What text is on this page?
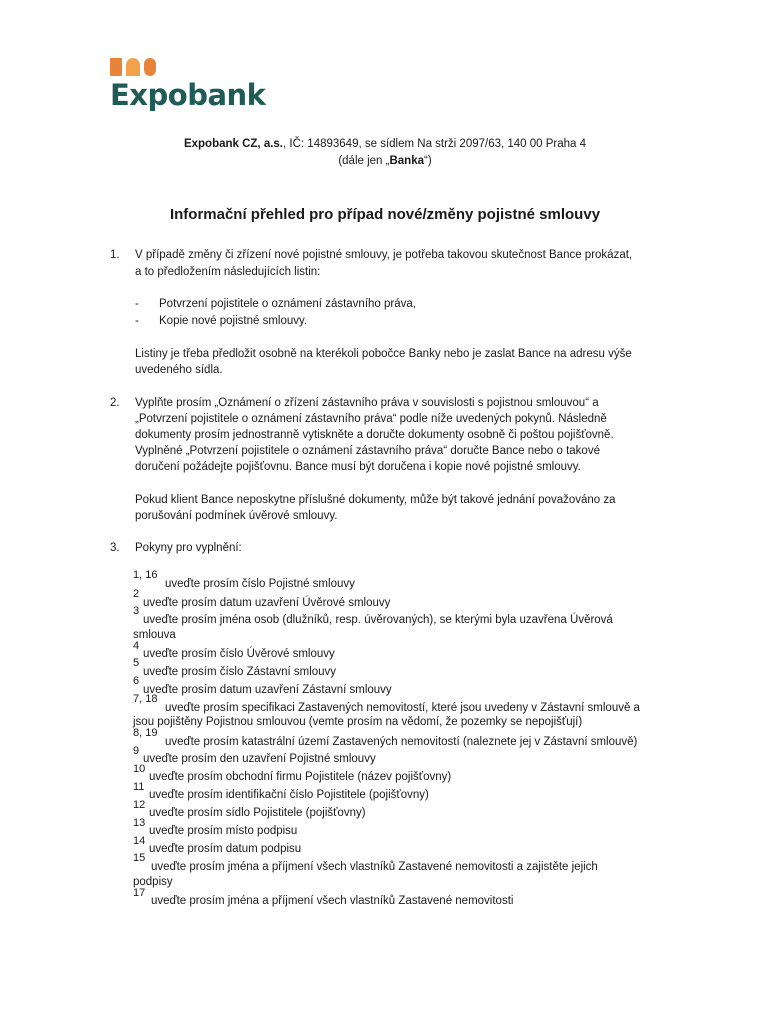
Expobank
Expobank CZ, a.s., IČ: 14893649, se sídlem Na strži 2097/63, 140 00 Praha 4
(dále jen „Banka“)
Informační přehled pro případ nové/změny pojistné smlouvy
1. V případě změny či zřízení nové pojistné smlouvy, je potřeba takovou skutečnost Bance prokázat,
a to předložením následujících listin:
- Potvrzení pojistitele o oznámení zástavního práva,
- Kopie nové pojistné smlouvy.
Listiny je třeba předložit osobně na kterékoli pobočce Banky nebo je zaslat Bance na adresu výše
uvedeného sídla.
2. Vyplňte prosím „Oznámení o zřízení zástavního práva v souvislosti s pojistnou smlouvou“ a
„Potvrzení pojistitele o oznámení zástavního práva“ podle níže uvedených pokynů. Následně
dokumenty prosím jednostranně vytiskněte a doručte dokumenty osobně či poštou pojišťovně.
Vyplněné „Potvrzení pojistitele o oznámení zástavního práva“ doručte Bance nebo o takové
doručení požádejte pojišťovnu. Bance musí být doručena i kopie nové pojistné smlouvy.
Pokud klient Bance neposkytne příslušné dokumenty, může být takové jednání považováno za
porušování podmínek úvěrové smlouvy.
3. Pokyny pro vyplnění:
1, 16
uveďte prosím číslo Pojistné smlouvy
2
uveďte prosím datum uzavření Úvěrové smlouvy
3
uveďte prosím jména osob (dlužníků, resp. úvěrovaných), se kterými byla uzavřena Úvěrová
smlouva
4
uveďte prosím číslo Úvěrové smlouvy
5
uveďte prosím číslo Zástavní smlouvy
6
uveďte prosím datum uzavření Zástavní smlouvy
7, 18
uveďte prosím specifikaci Zastavených nemovitostí, které jsou uvedeny v Zástavní smlouvě a
jsou pojištěny Pojistnou smlouvou (vemte prosím na vědomí, že pozemky se nepojišťují)
8, 19
uveďte prosím katastrální území Zastavených nemovitostí (naleznete jej v Zástavní smlouvě)
9
uveďte prosím den uzavření Pojistné smlouvy
10
uveďte prosím obchodní firmu Pojistitele (název pojišťovny)
11
uveďte prosím identifikační číslo Pojistitele (pojišťovny)
12
uveďte prosím sídlo Pojistitele (pojišťovny)
13
uveďte prosím místo podpisu
14
uveďte prosím datum podpisu
15
uveďte prosím jména a příjmení všech vlastníků Zastavené nemovitosti a zajistěte jejich
podpisy
17
uveďte prosím jména a příjmení všech vlastníků Zastavené nemovitosti
